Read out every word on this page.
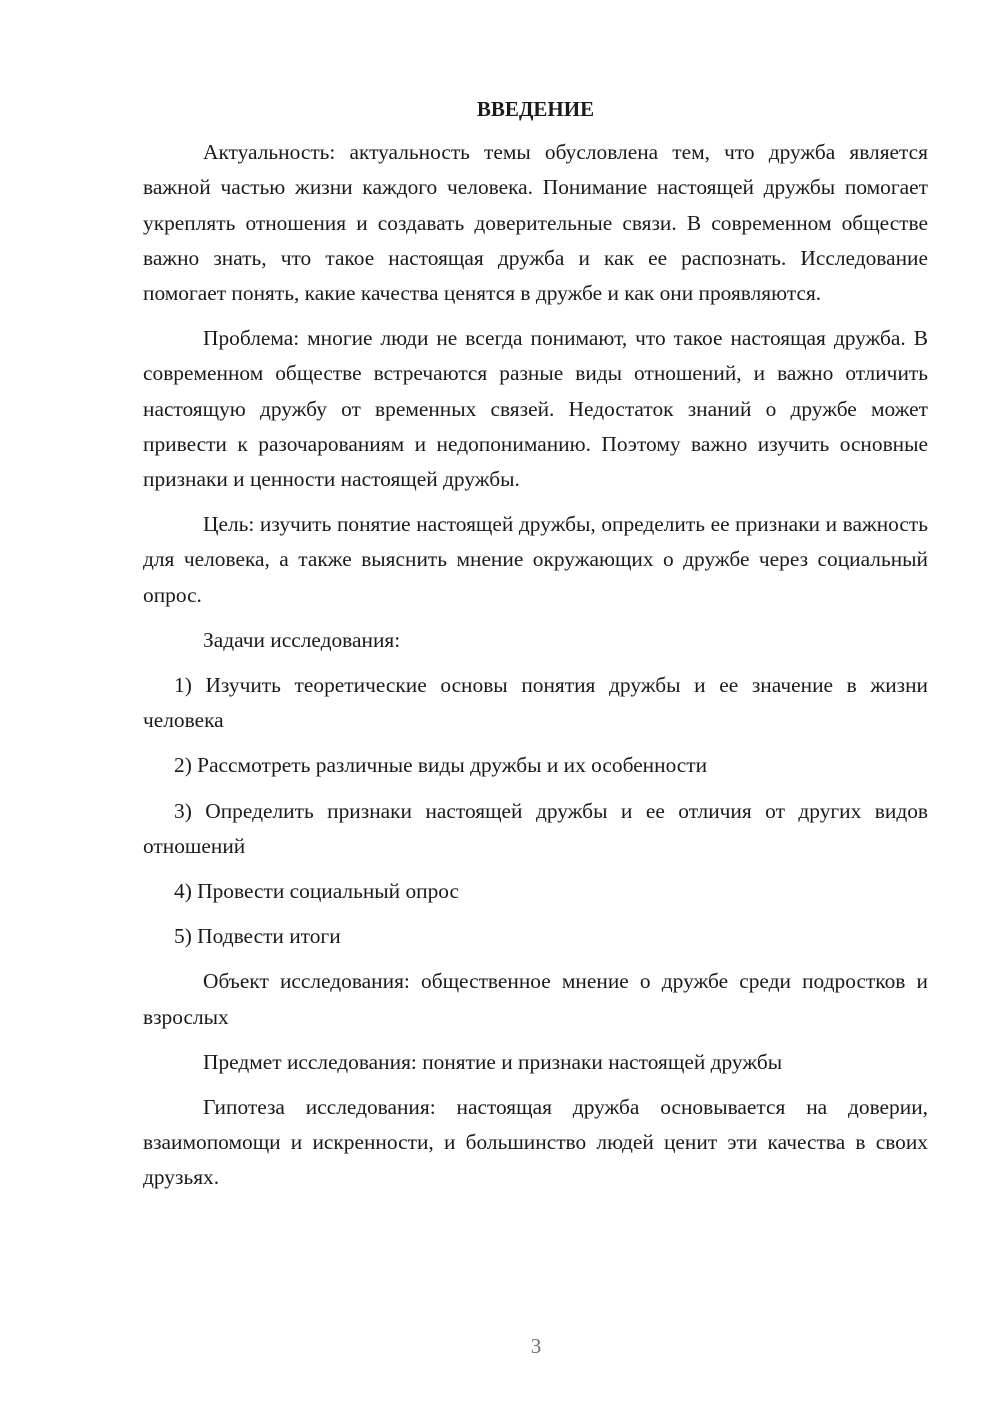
ВВЕДЕНИЕ

Актуальность: актуальность темы обусловлена тем, что дружба является важной частью жизни каждого человека. Понимание настоящей дружбы помогает укреплять отношения и создавать доверительные связи. В современном обществе важно знать, что такое настоящая дружба и как ее распознать. Исследование помогает понять, какие качества ценятся в дружбе и как они проявляются.

Проблема: многие люди не всегда понимают, что такое настоящая дружба. В современном обществе встречаются разные виды отношений, и важно отличить настоящую дружбу от временных связей. Недостаток знаний о дружбе может привести к разочарованиям и недопониманию. Поэтому важно изучить основные признаки и ценности настоящей дружбы.

Цель: изучить понятие настоящей дружбы, определить ее признаки и важность для человека, а также выяснить мнение окружающих о дружбе через социальный опрос.

Задачи исследования:

1) Изучить теоретические основы понятия дружбы и ее значение в жизни человека

2) Рассмотреть различные виды дружбы и их особенности

3) Определить признаки настоящей дружбы и ее отличия от других видов отношений

4) Провести социальный опрос

5) Подвести итоги

Объект исследования: общественное мнение о дружбе среди подростков и взрослых

Предмет исследования: понятие и признаки настоящей дружбы

Гипотеза исследования: настоящая дружба основывается на доверии, взаимопомощи и искренности, и большинство людей ценит эти качества в своих друзьях.

3
